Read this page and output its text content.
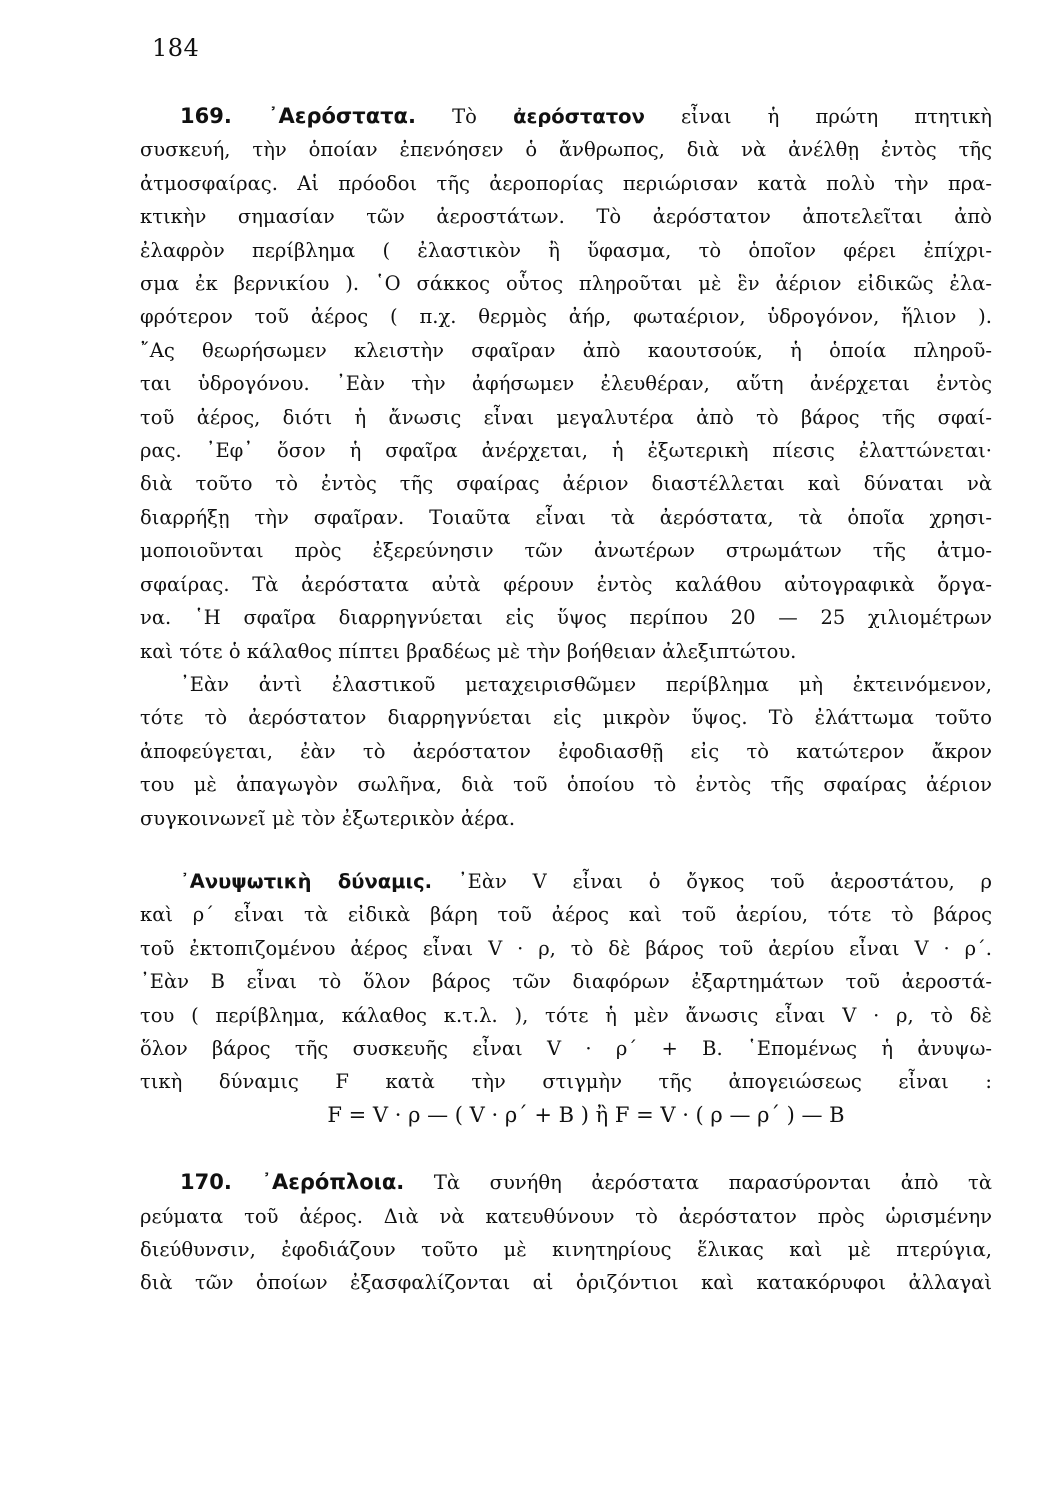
184
169. ᾿Αερόστατα. Τὸ ἀερόστατον εἶναι ἡ πρώτη πτητικὴ
συσκευή, τὴν ὁποίαν ἐπενόησεν ὁ ἄνθρωπος, διὰ νὰ ἀνέλθῃ ἐντὸς τῆς
ἀτμοσφαίρας. Αἱ πρόοδοι τῆς ἀεροπορίας περιώρισαν κατὰ πολὺ τὴν πρα-
κτικὴν σημασίαν τῶν ἀεροστάτων. Τὸ ἀερόστατον ἀποτελεῖται ἀπὸ
ἐλαφρὸν περίβλημα ( ἐλαστικὸν ἢ ὕφασμα, τὸ ὁποῖον φέρει ἐπίχρι-
σμα ἐκ βερνικίου ). ῾Ο σάκκος οὗτος πληροῦται μὲ ἓν ἀέριον εἰδικῶς ἐλα-
φρότερον τοῦ ἀέρος ( π.χ. θερμὸς ἀήρ, φωταέριον, ὑδρογόνον, ἥλιον ).
῎Ας θεωρήσωμεν κλειστὴν σφαῖραν ἀπὸ καουτσούκ, ἡ ὁποία πληροῦ-
ται ὑδρογόνου. ᾿Εὰν τὴν ἀφήσωμεν ἐλευθέραν, αὕτη ἀνέρχεται ἐντὸς
τοῦ ἀέρος, διότι ἡ ἄνωσις εἶναι μεγαλυτέρα ἀπὸ τὸ βάρος τῆς σφαί-
ρας. ᾿Εφ᾿ ὅσον ἡ σφαῖρα ἀνέρχεται, ἡ ἐξωτερικὴ πίεσις ἐλαττώνεται·
διὰ τοῦτο τὸ ἐντὸς τῆς σφαίρας ἀέριον διαστέλλεται καὶ δύναται νὰ
διαρρήξῃ τὴν σφαῖραν. Τοιαῦτα εἶναι τὰ ἀερόστατα, τὰ ὁποῖα χρησι-
μοποιοῦνται πρὸς ἐξερεύνησιν τῶν ἀνωτέρων στρωμάτων τῆς ἀτμο-
σφαίρας. Τὰ ἀερόστατα αὐτὰ φέρουν ἐντὸς καλάθου αὐτογραφικὰ ὄργα-
να. ῾Η σφαῖρα διαρρηγνύεται εἰς ὕψος περίπου 20 — 25 χιλιομέτρων
καὶ τότε ὁ κάλαθος πίπτει βραδέως μὲ τὴν βοήθειαν ἀλεξιπτώτου.
᾿Εὰν ἀντὶ ἐλαστικοῦ μεταχειρισθῶμεν περίβλημα μὴ ἐκτεινόμενον,
τότε τὸ ἀερόστατον διαρρηγνύεται εἰς μικρὸν ὕψος. Τὸ ἐλάττωμα τοῦτο
ἀποφεύγεται, ἐὰν τὸ ἀερόστατον ἐφοδιασθῇ εἰς τὸ κατώτερον ἄκρον
του μὲ ἀπαγωγὸν σωλῆνα, διὰ τοῦ ὁποίου τὸ ἐντὸς τῆς σφαίρας ἀέριον
συγκοινωνεῖ μὲ τὸν ἐξωτερικὸν ἀέρα.
᾿Ανυψωτικὴ δύναμις. ᾿Εὰν V εἶναι ὁ ὄγκος τοῦ ἀεροστάτου, ρ
καὶ ρ΄ εἶναι τὰ εἰδικὰ βάρη τοῦ ἀέρος καὶ τοῦ ἀερίου, τότε τὸ βάρος
τοῦ ἐκτοπιζομένου ἀέρος εἶναι V · ρ, τὸ δὲ βάρος τοῦ ἀερίου εἶναι V · ρ΄.
᾿Εὰν Β εἶναι τὸ ὅλον βάρος τῶν διαφόρων ἐξαρτημάτων τοῦ ἀεροστά-
του ( περίβλημα, κάλαθος κ.τ.λ. ), τότε ἡ μὲν ἄνωσις εἶναι V · ρ, τὸ δὲ
ὅλον βάρος τῆς συσκευῆς εἶναι V · ρ΄ + Β. ῾Επομένως ἡ ἀνυψω-
τικὴ δύναμις F κατὰ τὴν στιγμὴν τῆς ἀπογειώσεως εἶναι :
F = V · ρ — ( V · ρ΄ + Β ) ἢ F = V · ( ρ — ρ΄ ) — Β
170. ᾿Αερόπλοια. Τὰ συνήθη ἀερόστατα παρασύρονται ἀπὸ τὰ
ρεύματα τοῦ ἀέρος. Διὰ νὰ κατευθύνουν τὸ ἀερόστατον πρὸς ὡρισμένην
διεύθυνσιν, ἐφοδιάζουν τοῦτο μὲ κινητηρίους ἕλικας καὶ μὲ πτερύγια,
διὰ τῶν ὁποίων ἐξασφαλίζονται αἱ ὁριζόντιοι καὶ κατακόρυφοι ἀλλαγαὶ
